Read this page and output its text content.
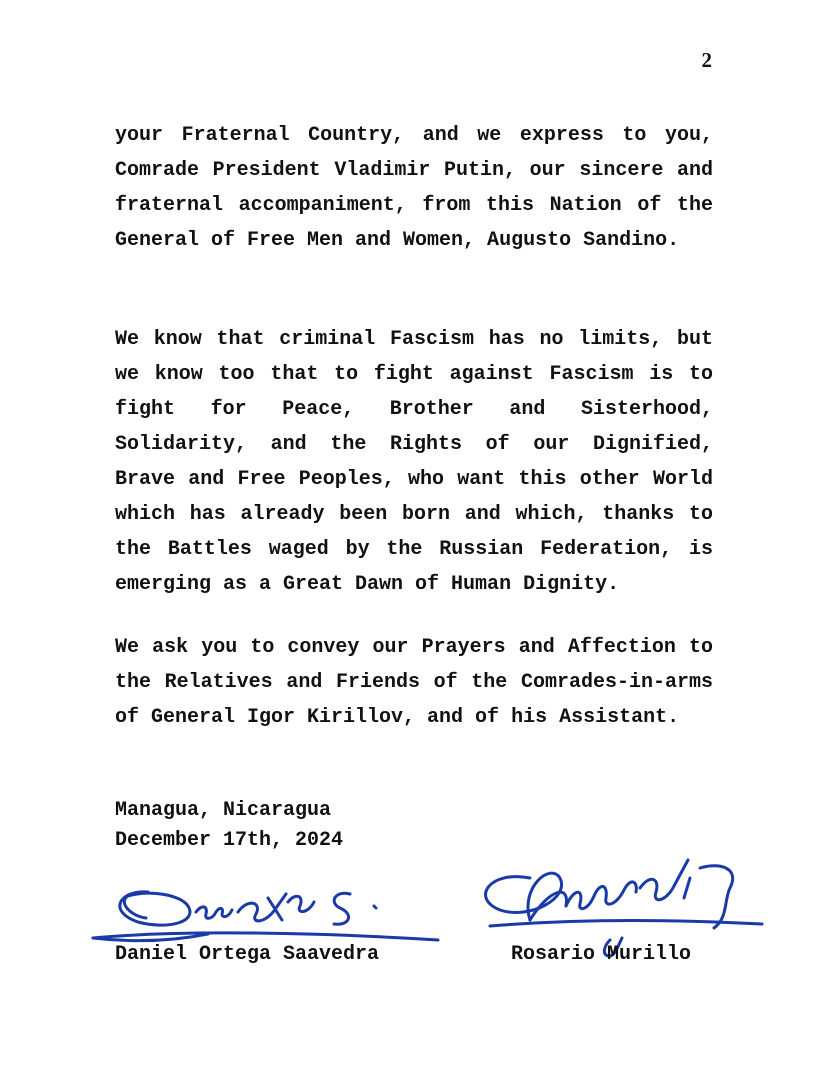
2

your Fraternal Country, and we express to you, Comrade President Vladimir Putin, our sincere and fraternal accompaniment, from this Nation of the General of Free Men and Women, Augusto Sandino.

We know that criminal Fascism has no limits, but we know too that to fight against Fascism is to fight for Peace, Brother and Sisterhood, Solidarity, and the Rights of our Dignified, Brave and Free Peoples, who want this other World which has already been born and which, thanks to the Battles waged by the Russian Federation, is emerging as a Great Dawn of Human Dignity.

We ask you to convey our Prayers and Affection to the Relatives and Friends of the Comrades-in-arms of General Igor Kirillov, and of his Assistant.

Managua, Nicaragua
December 17th, 2024
Daniel Ortega Saavedra	Rosario Murillo
